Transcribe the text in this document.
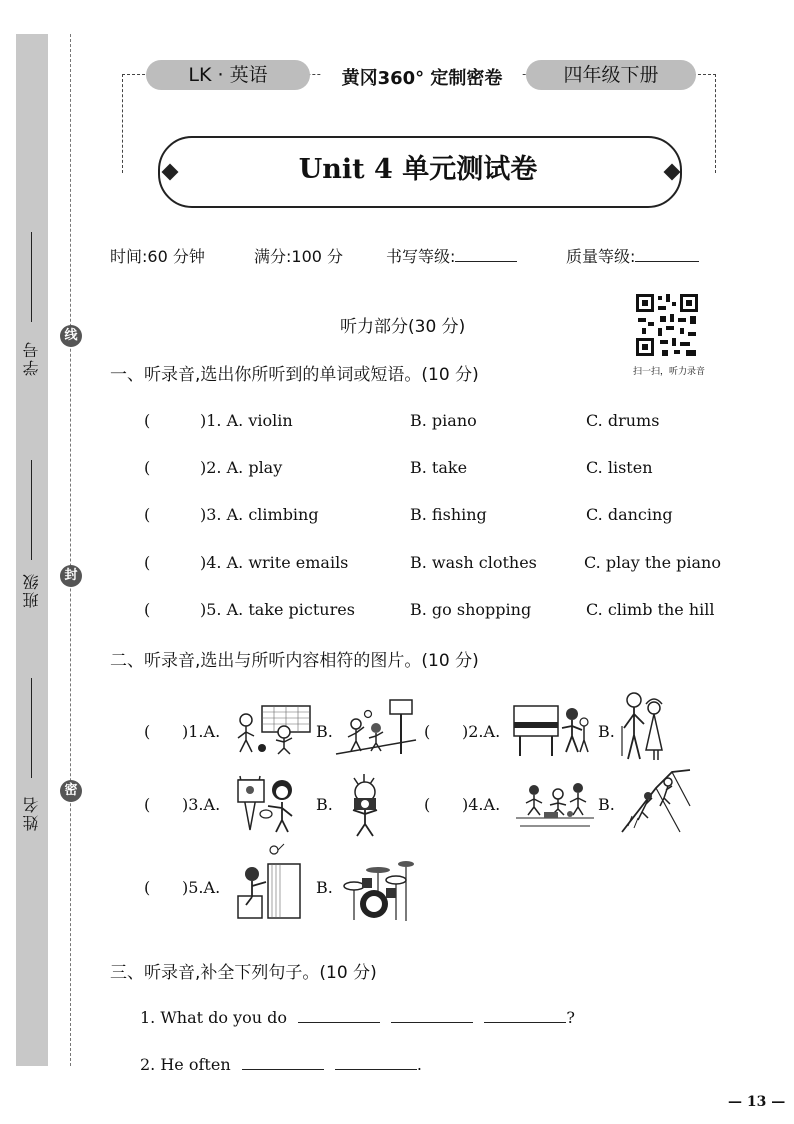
学号
班级
姓名
线
封
密
LK · 英语	黄冈360° 定制密卷	四年级下册
Unit 4 单元测试卷
时间:60 分钟	满分:100 分	书写等级:	质量等级:
听力部分(30 分)
扫一扫，听力录音
一、听录音,选出你所听到的单词或短语。(10 分)
(	)1. A. violin	B. piano	C. drums
(	)2. A. play	B. take	C. listen
(	)3. A. climbing	B. fishing	C. dancing
(	)4. A. write emails	B. wash clothes	C. play the piano
(	)5. A. take pictures	B. go shopping	C. climb the hill
二、听录音,选出与所听内容相符的图片。(10 分)
( )1.A.	B.	( )2.A.	B.
( )3.A.	B.	( )4.A.	B.
( )5.A.	B.
三、听录音,补全下列句子。(10 分)
1. What do you do	?
2. He often	.
— 13 —
